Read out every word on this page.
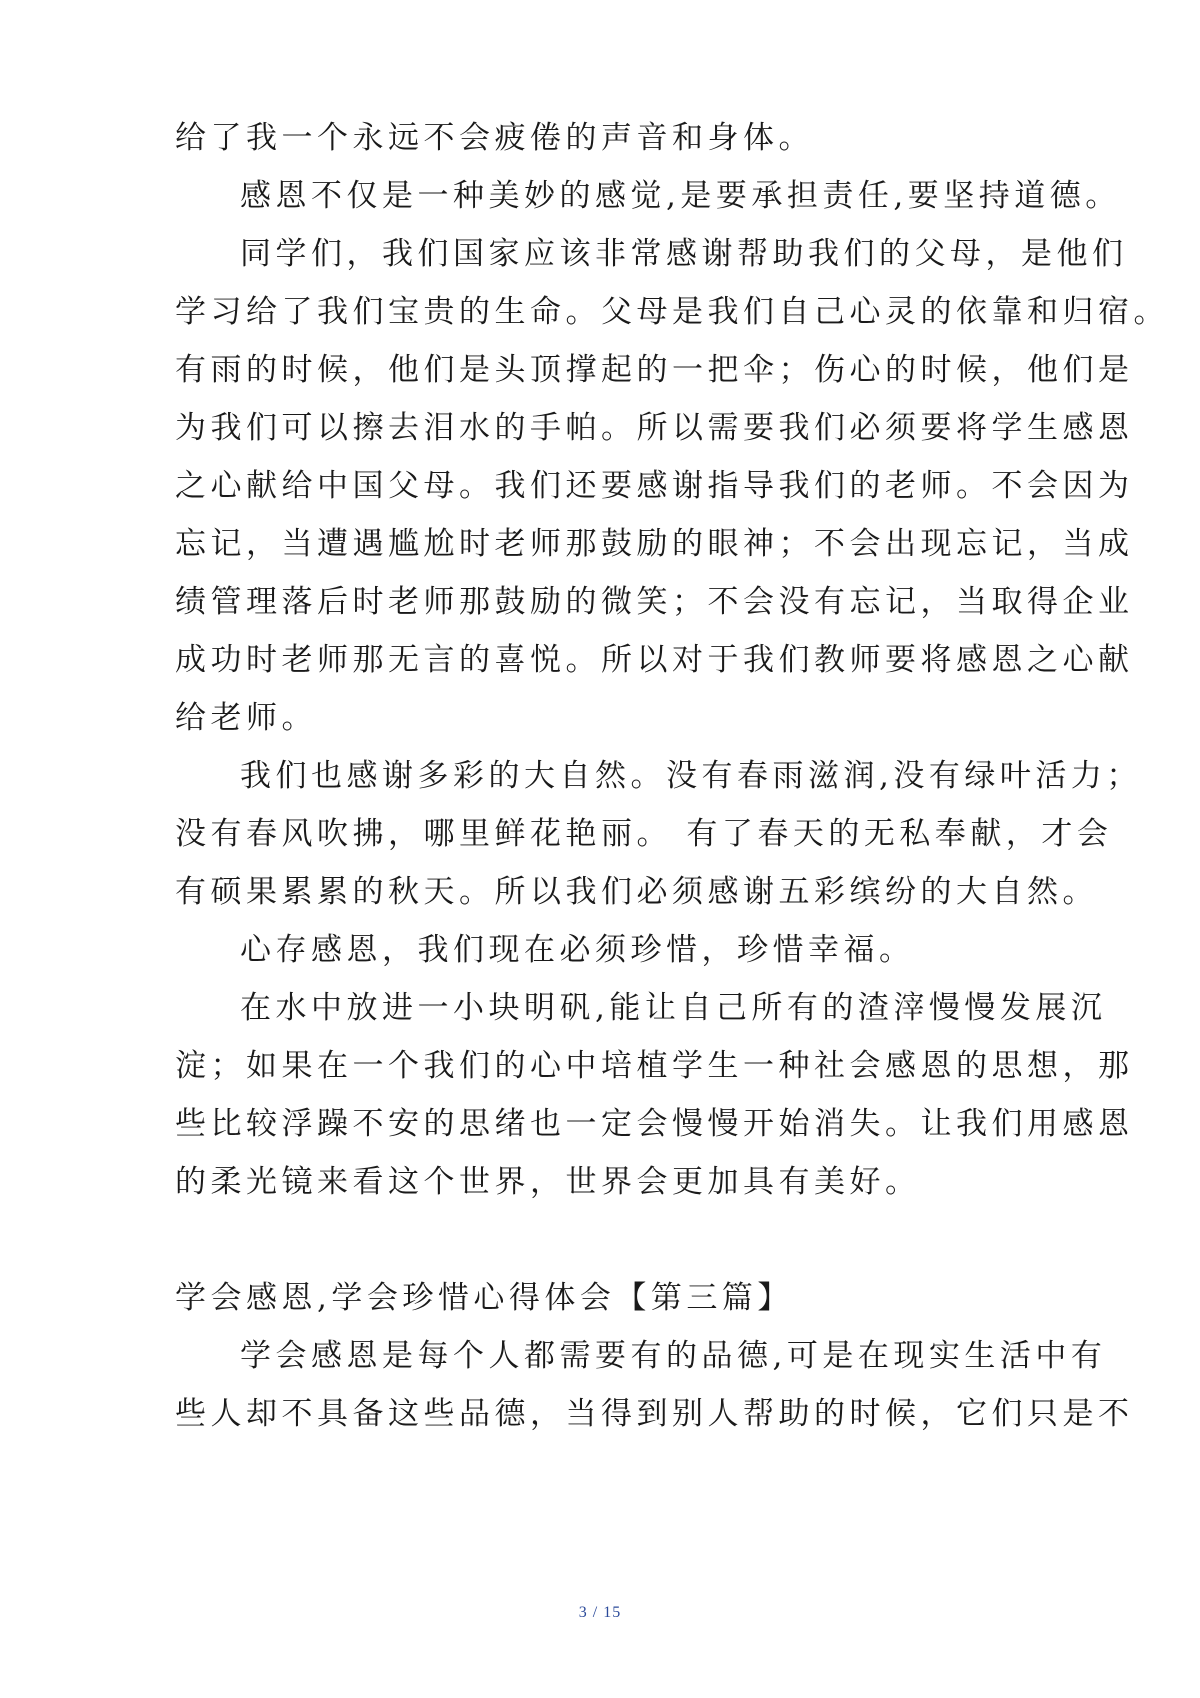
给了我一个永远不会疲倦的声音和身体。
感恩不仅是一种美妙的感觉,是要承担责任,要坚持道德。
同学们，我们国家应该非常感谢帮助我们的父母，是他们
学习给了我们宝贵的生命。父母是我们自己心灵的依靠和归宿。
有雨的时候，他们是头顶撑起的一把伞；伤心的时候，他们是
为我们可以擦去泪水的手帕。所以需要我们必须要将学生感恩
之心献给中国父母。我们还要感谢指导我们的老师。不会因为
忘记，当遭遇尴尬时老师那鼓励的眼神；不会出现忘记，当成
绩管理落后时老师那鼓励的微笑；不会没有忘记，当取得企业
成功时老师那无言的喜悦。所以对于我们教师要将感恩之心献
给老师。
我们也感谢多彩的大自然。没有春雨滋润,没有绿叶活力；
没有春风吹拂，哪里鲜花艳丽。 有了春天的无私奉献，才会
有硕果累累的秋天。所以我们必须感谢五彩缤纷的大自然。
心存感恩，我们现在必须珍惜，珍惜幸福。
在水中放进一小块明矾,能让自己所有的渣滓慢慢发展沉
淀；如果在一个我们的心中培植学生一种社会感恩的思想，那
些比较浮躁不安的思绪也一定会慢慢开始消失。让我们用感恩
的柔光镜来看这个世界，世界会更加具有美好。
学会感恩,学会珍惜心得体会【第三篇】
学会感恩是每个人都需要有的品德,可是在现实生活中有
些人却不具备这些品德，当得到别人帮助的时候，它们只是不
3 / 15
